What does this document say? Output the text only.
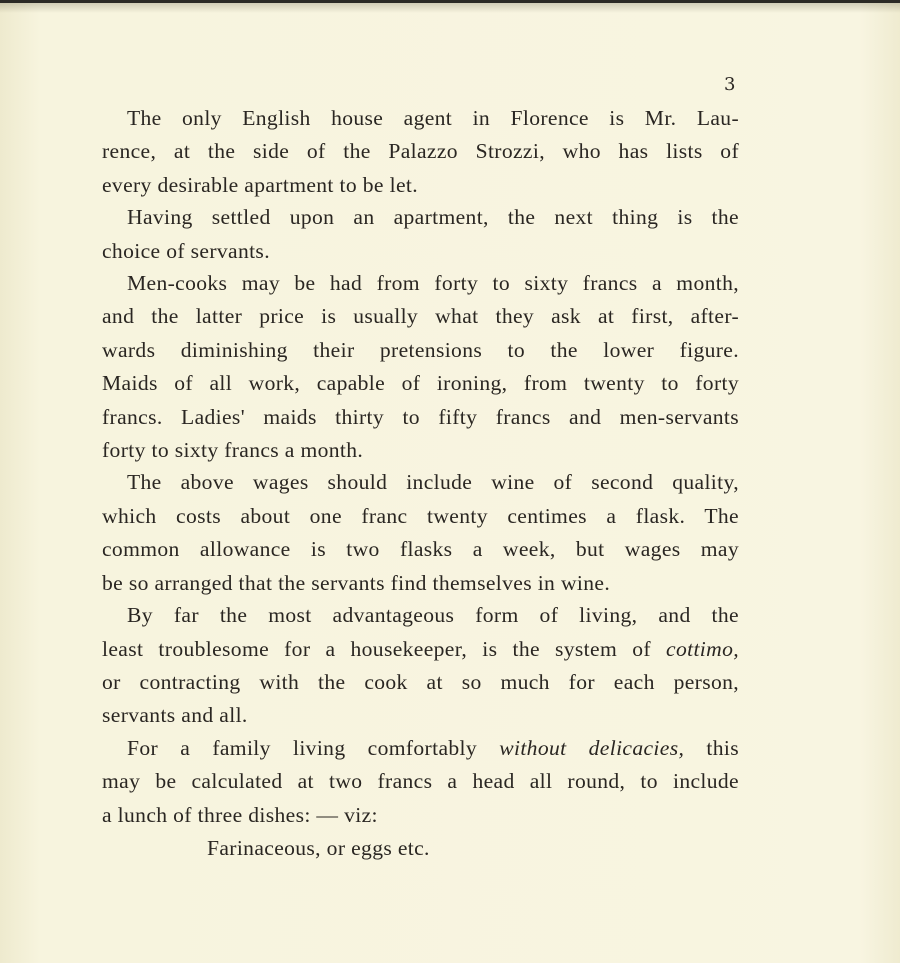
3
The only English house agent in Florence is Mr. Lau-
rence, at the side of the Palazzo Strozzi, who has lists of
every desirable apartment to be let.
Having settled upon an apartment, the next thing is the
choice of servants.
Men-cooks may be had from forty to sixty francs a month,
and the latter price is usually what they ask at first, after-
wards diminishing their pretensions to the lower figure.
Maids of all work, capable of ironing, from twenty to forty
francs. Ladies' maids thirty to fifty francs and men-servants
forty to sixty francs a month.
The above wages should include wine of second quality,
which costs about one franc twenty centimes a flask. The
common allowance is two flasks a week, but wages may
be so arranged that the servants find themselves in wine.
By far the most advantageous form of living, and the
least troublesome for a housekeeper, is the system of cottimo,
or contracting with the cook at so much for each person,
servants and all.
For a family living comfortably without delicacies, this
may be calculated at two francs a head all round, to include
a lunch of three dishes: — viz:
Farinaceous, or eggs etc.
